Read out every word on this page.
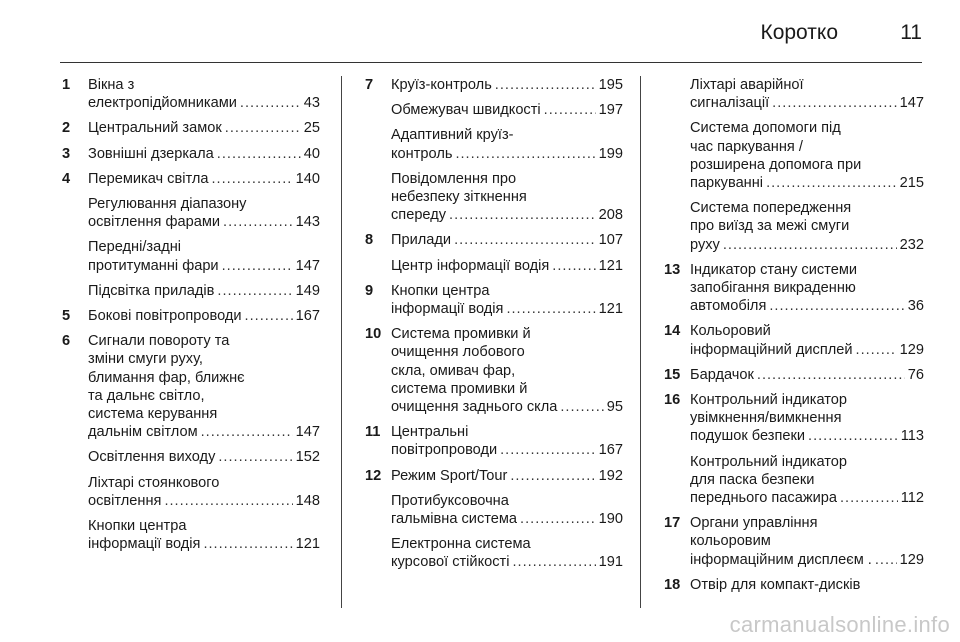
Коротко	11
1	Вікна з
електропідйомниками .....	43
2	Центральний замок .....	25
3	Зовнішні дзеркала .....	40
4	Перемикач світла .....	140
Регулювання діапазону
освітлення фарами .....	143
Передні/задні
протитуманні фари .....	147
Підсвітка приладів .....	149
5	Бокові повітропроводи .....	167
6	Сигнали повороту та
зміни смуги руху,
блимання фар, ближнє
та дальнє світло,
система керування
дальнім світлом .....	147
Освітлення виходу .....	152
Ліхтарі стоянкового
освітлення .....	148
Кнопки центра
інформації водія .....	121
7	Круїз-контроль .....	195
Обмежувач швидкості .....	197
Адаптивний круїз-
контроль .....	199
Повідомлення про
небезпеку зіткнення
спереду .....	208
8	Прилади .....	107
Центр інформації водія .....	121
9	Кнопки центра
інформації водія .....	121
10 Система промивки й
очищення лобового
скла, омивач фар,
система промивки й
очищення заднього скла .....	95
11 Центральні
повітропроводи .....	167
12 Режим Sport/Tour .....	192
Протибуксовочна
гальмівна система .....	190
Електронна система
курсової стійкості .....	191
Ліхтарі аварійної
сигналізації .....	147
Система допомоги під
час паркування /
розширена допомога при
паркуванні .....	215
Система попередження
про виїзд за межі смуги
руху .....	232
13 Індикатор стану системи
запобігання викраденню
автомобіля .....	36
14 Кольоровий
інформаційний дисплей .....	129
15 Бардачок .....	76
16 Контрольний індикатор
увімкнення/вимкнення
подушок безпеки .....	113
Контрольний індикатор
для паска безпеки
переднього пасажира .....	112
17 Органи управління
кольоровим
інформаційним дисплеєм . ..... 129
18 Отвір для компакт-дисків
carmanualsonline.info
